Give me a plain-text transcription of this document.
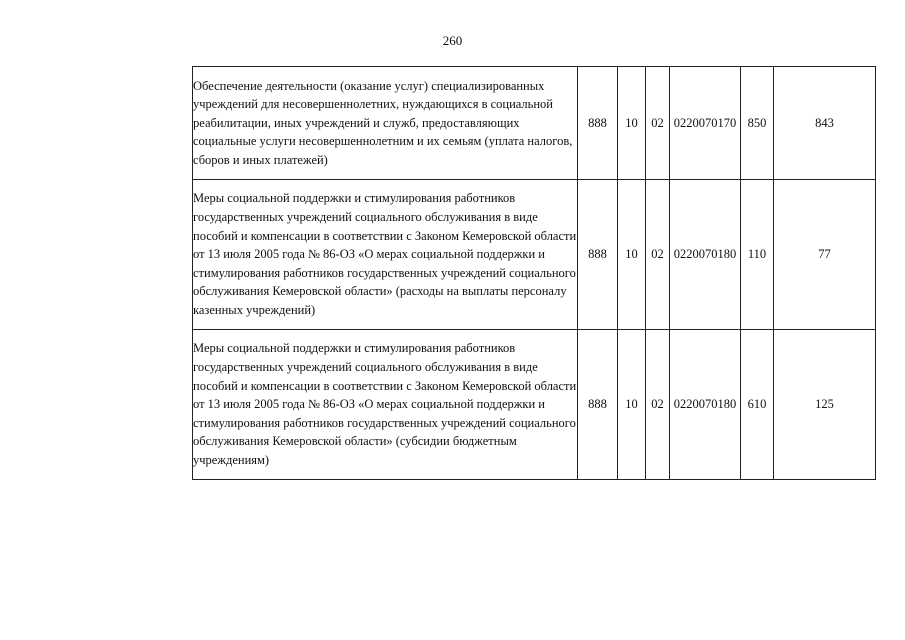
260
Обеспечение деятельности (оказание услуг) специализированных учреждений для несовершеннолетних, нуждающихся в социальной реабилитации, иных учреждений и служб, предоставляющих социальные услуги несовершеннолетним и их семьям (уплата налогов, сборов и иных платежей)	888	10	02	0220070170	850	843
Меры социальной поддержки и стимулирования работников государственных учреждений социального обслуживания в виде пособий и компенсации в соответствии с Законом Кемеровской области от 13 июля 2005 года № 86-ОЗ «О мерах социальной поддержки и стимулирования работников государственных учреждений социального обслуживания Кемеровской области» (расходы на выплаты персоналу казенных учреждений)	888	10	02	0220070180	110	77
Меры социальной поддержки и стимулирования работников государственных учреждений социального обслуживания в виде пособий и компенсации в соответствии с Законом Кемеровской области от 13 июля 2005 года № 86-ОЗ «О мерах социальной поддержки и стимулирования работников государственных учреждений социального обслуживания Кемеровской области» (субсидии бюджетным учреждениям)	888	10	02	0220070180	610	125
